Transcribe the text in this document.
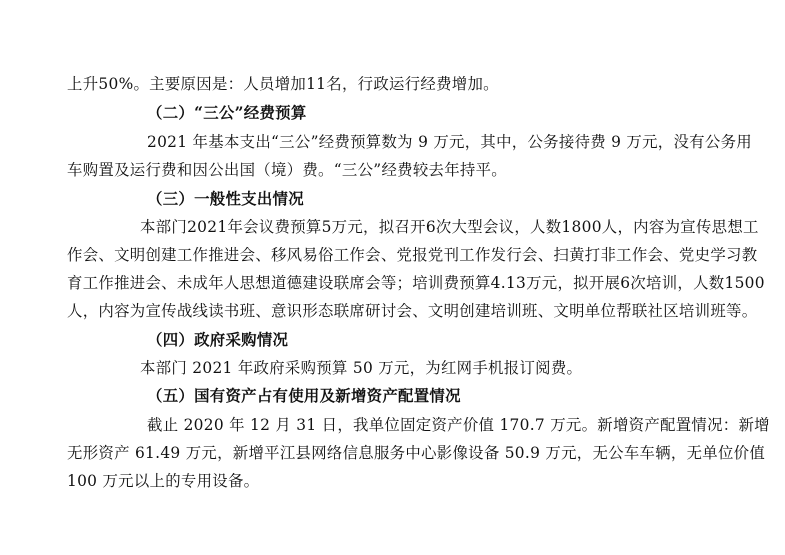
上升50%。主要原因是：人员增加11名，行政运行经费增加。
（二）“三公”经费预算
2021 年基本支出“三公”经费预算数为 9 万元，其中，公务接待费 9 万元，没有公务用
车购置及运行费和因公出国（境）费。“三公”经费较去年持平。
（三）一般性支出情况
本部门2021年会议费预算5万元，拟召开6次大型会议，人数1800人，内容为宣传思想工
作会、文明创建工作推进会、移风易俗工作会、党报党刊工作发行会、扫黄打非工作会、党史学习教
育工作推进会、未成年人思想道德建设联席会等；培训费预算4.13万元，拟开展6次培训，人数1500
人，内容为宣传战线读书班、意识形态联席研讨会、文明创建培训班、文明单位帮联社区培训班等。
（四）政府采购情况
本部门 2021 年政府采购预算 50 万元，为红网手机报订阅费。
（五）国有资产占有使用及新增资产配置情况
截止 2020 年 12 月 31 日，我单位固定资产价值 170.7 万元。新增资产配置情况：新增
无形资产 61.49 万元，新增平江县网络信息服务中心影像设备 50.9 万元，无公车车辆，无单位价值
100 万元以上的专用设备。
